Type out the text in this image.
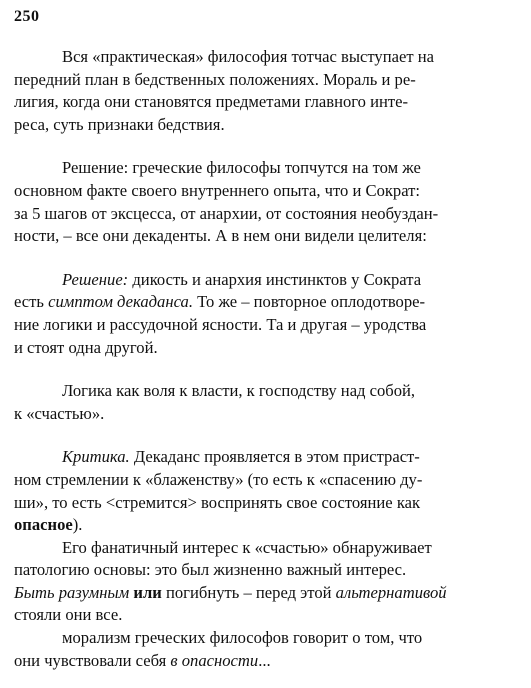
250
Вся «практическая» философия тотчас выступает на
передний план в бедственных положениях. Мораль и ре-
лигия, когда они становятся предметами главного инте-
реса, суть признаки бедствия.
Решение: греческие философы топчутся на том же
основном факте своего внутреннего опыта, что и Сократ:
за 5 шагов от эксцесса, от анархии, от состояния необуздан-
ности, – все они декаденты. А в нем они видели целителя:
Решение: дикость и анархия инстинктов у Сократа
есть симптом декаданса. То же – повторное оплодотворе-
ние логики и рассудочной ясности. Та и другая – уродства
и стоят одна другой.
Логика как воля к власти, к господству над собой,
к «счастью».
Критика. Декаданс проявляется в этом пристраст-
ном стремлении к «блаженству» (то есть к «спасению ду-
ши», то есть <стремится> воспринять свое состояние как
опасное).
Его фанатичный интерес к «счастью» обнаруживает
патологию основы: это был жизненно важный интерес.
Быть разумным или погибнуть – перед этой альтернативой
стояли они все.
морализм греческих философов говорит о том, что
они чувствовали себя в опасности...
